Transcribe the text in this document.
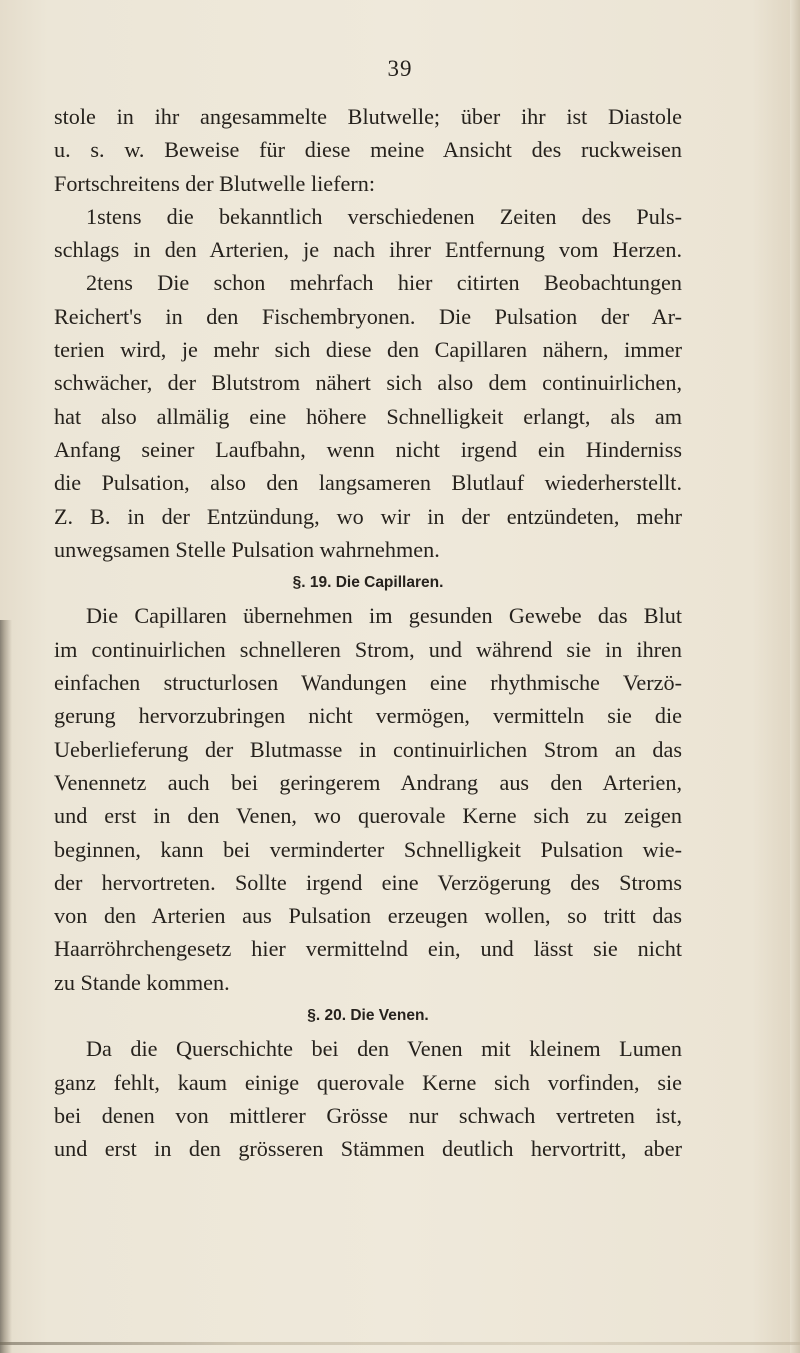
39
stole in ihr angesammelte Blutwelle; über ihr ist Diastole
u. s. w. Beweise für diese meine Ansicht des ruckweisen
Fortschreitens der Blutwelle liefern:
1stens die bekanntlich verschiedenen Zeiten des Puls-
schlags in den Arterien, je nach ihrer Entfernung vom Herzen.
2tens Die schon mehrfach hier citirten Beobachtungen
Reichert's in den Fischembryonen. Die Pulsation der Ar-
terien wird, je mehr sich diese den Capillaren nähern, immer
schwächer, der Blutstrom nähert sich also dem continuirlichen,
hat also allmälig eine höhere Schnelligkeit erlangt, als am
Anfang seiner Laufbahn, wenn nicht irgend ein Hinderniss
die Pulsation, also den langsameren Blutlauf wiederherstellt.
Z. B. in der Entzündung, wo wir in der entzündeten, mehr
unwegsamen Stelle Pulsation wahrnehmen.
§. 19. Die Capillaren.
Die Capillaren übernehmen im gesunden Gewebe das Blut
im continuirlichen schnelleren Strom, und während sie in ihren
einfachen structurlosen Wandungen eine rhythmische Verzö-
gerung hervorzubringen nicht vermögen, vermitteln sie die
Ueberlieferung der Blutmasse in continuirlichen Strom an das
Venennetz auch bei geringerem Andrang aus den Arterien,
und erst in den Venen, wo querovale Kerne sich zu zeigen
beginnen, kann bei verminderter Schnelligkeit Pulsation wie-
der hervortreten. Sollte irgend eine Verzögerung des Stroms
von den Arterien aus Pulsation erzeugen wollen, so tritt das
Haarröhrchengesetz hier vermittelnd ein, und lässt sie nicht
zu Stande kommen.
§. 20. Die Venen.
Da die Querschichte bei den Venen mit kleinem Lumen
ganz fehlt, kaum einige querovale Kerne sich vorfinden, sie
bei denen von mittlerer Grösse nur schwach vertreten ist,
und erst in den grösseren Stämmen deutlich hervortritt, aber
